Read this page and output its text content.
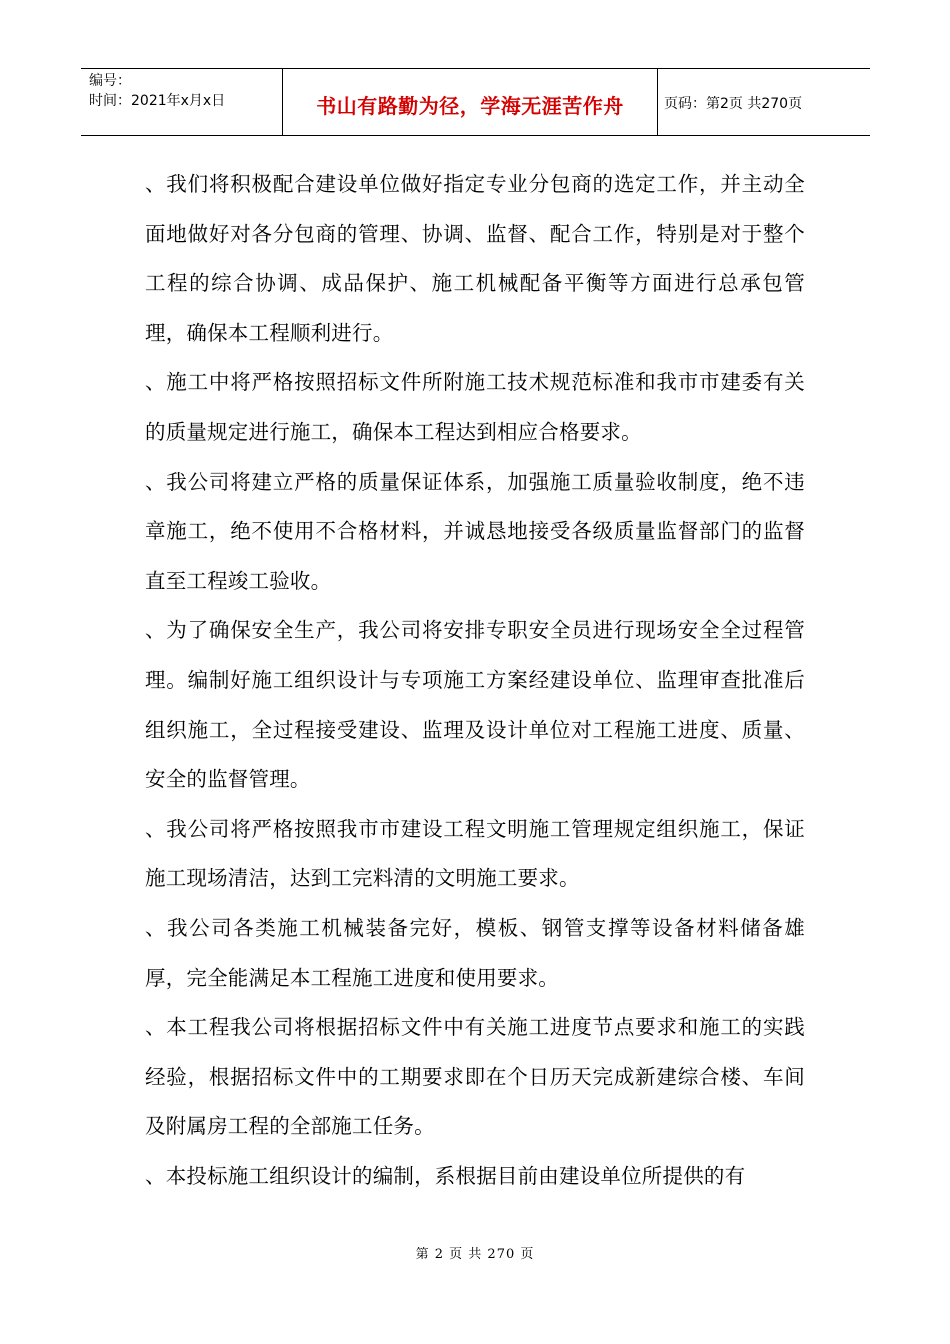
编号：
时间：2021年x月x日	书山有路勤为径，学海无涯苦作舟	页码：第2页 共270页

、我们将积极配合建设单位做好指定专业分包商的选定工作，并主动全面地做好对各分包商的管理、协调、监督、配合工作，特别是对于整个工程的综合协调、成品保护、施工机械配备平衡等方面进行总承包管理，确保本工程顺利进行。

、施工中将严格按照招标文件所附施工技术规范标准和我市市建委有关的质量规定进行施工，确保本工程达到相应合格要求。

、我公司将建立严格的质量保证体系，加强施工质量验收制度，绝不违章施工，绝不使用不合格材料，并诚恳地接受各级质量监督部门的监督直至工程竣工验收。

、为了确保安全生产，我公司将安排专职安全员进行现场安全全过程管理。编制好施工组织设计与专项施工方案经建设单位、监理审查批准后组织施工，全过程接受建设、监理及设计单位对工程施工进度、质量、安全的监督管理。

、我公司将严格按照我市市建设工程文明施工管理规定组织施工，保证施工现场清洁，达到工完料清的文明施工要求。

、我公司各类施工机械装备完好，模板、钢管支撑等设备材料储备雄厚，完全能满足本工程施工进度和使用要求。

、本工程我公司将根据招标文件中有关施工进度节点要求和施工的实践经验，根据招标文件中的工期要求即在个日历天完成新建综合楼、车间及附属房工程的全部施工任务。

、本投标施工组织设计的编制，系根据目前由建设单位所提供的有

第 2 页 共 270 页
